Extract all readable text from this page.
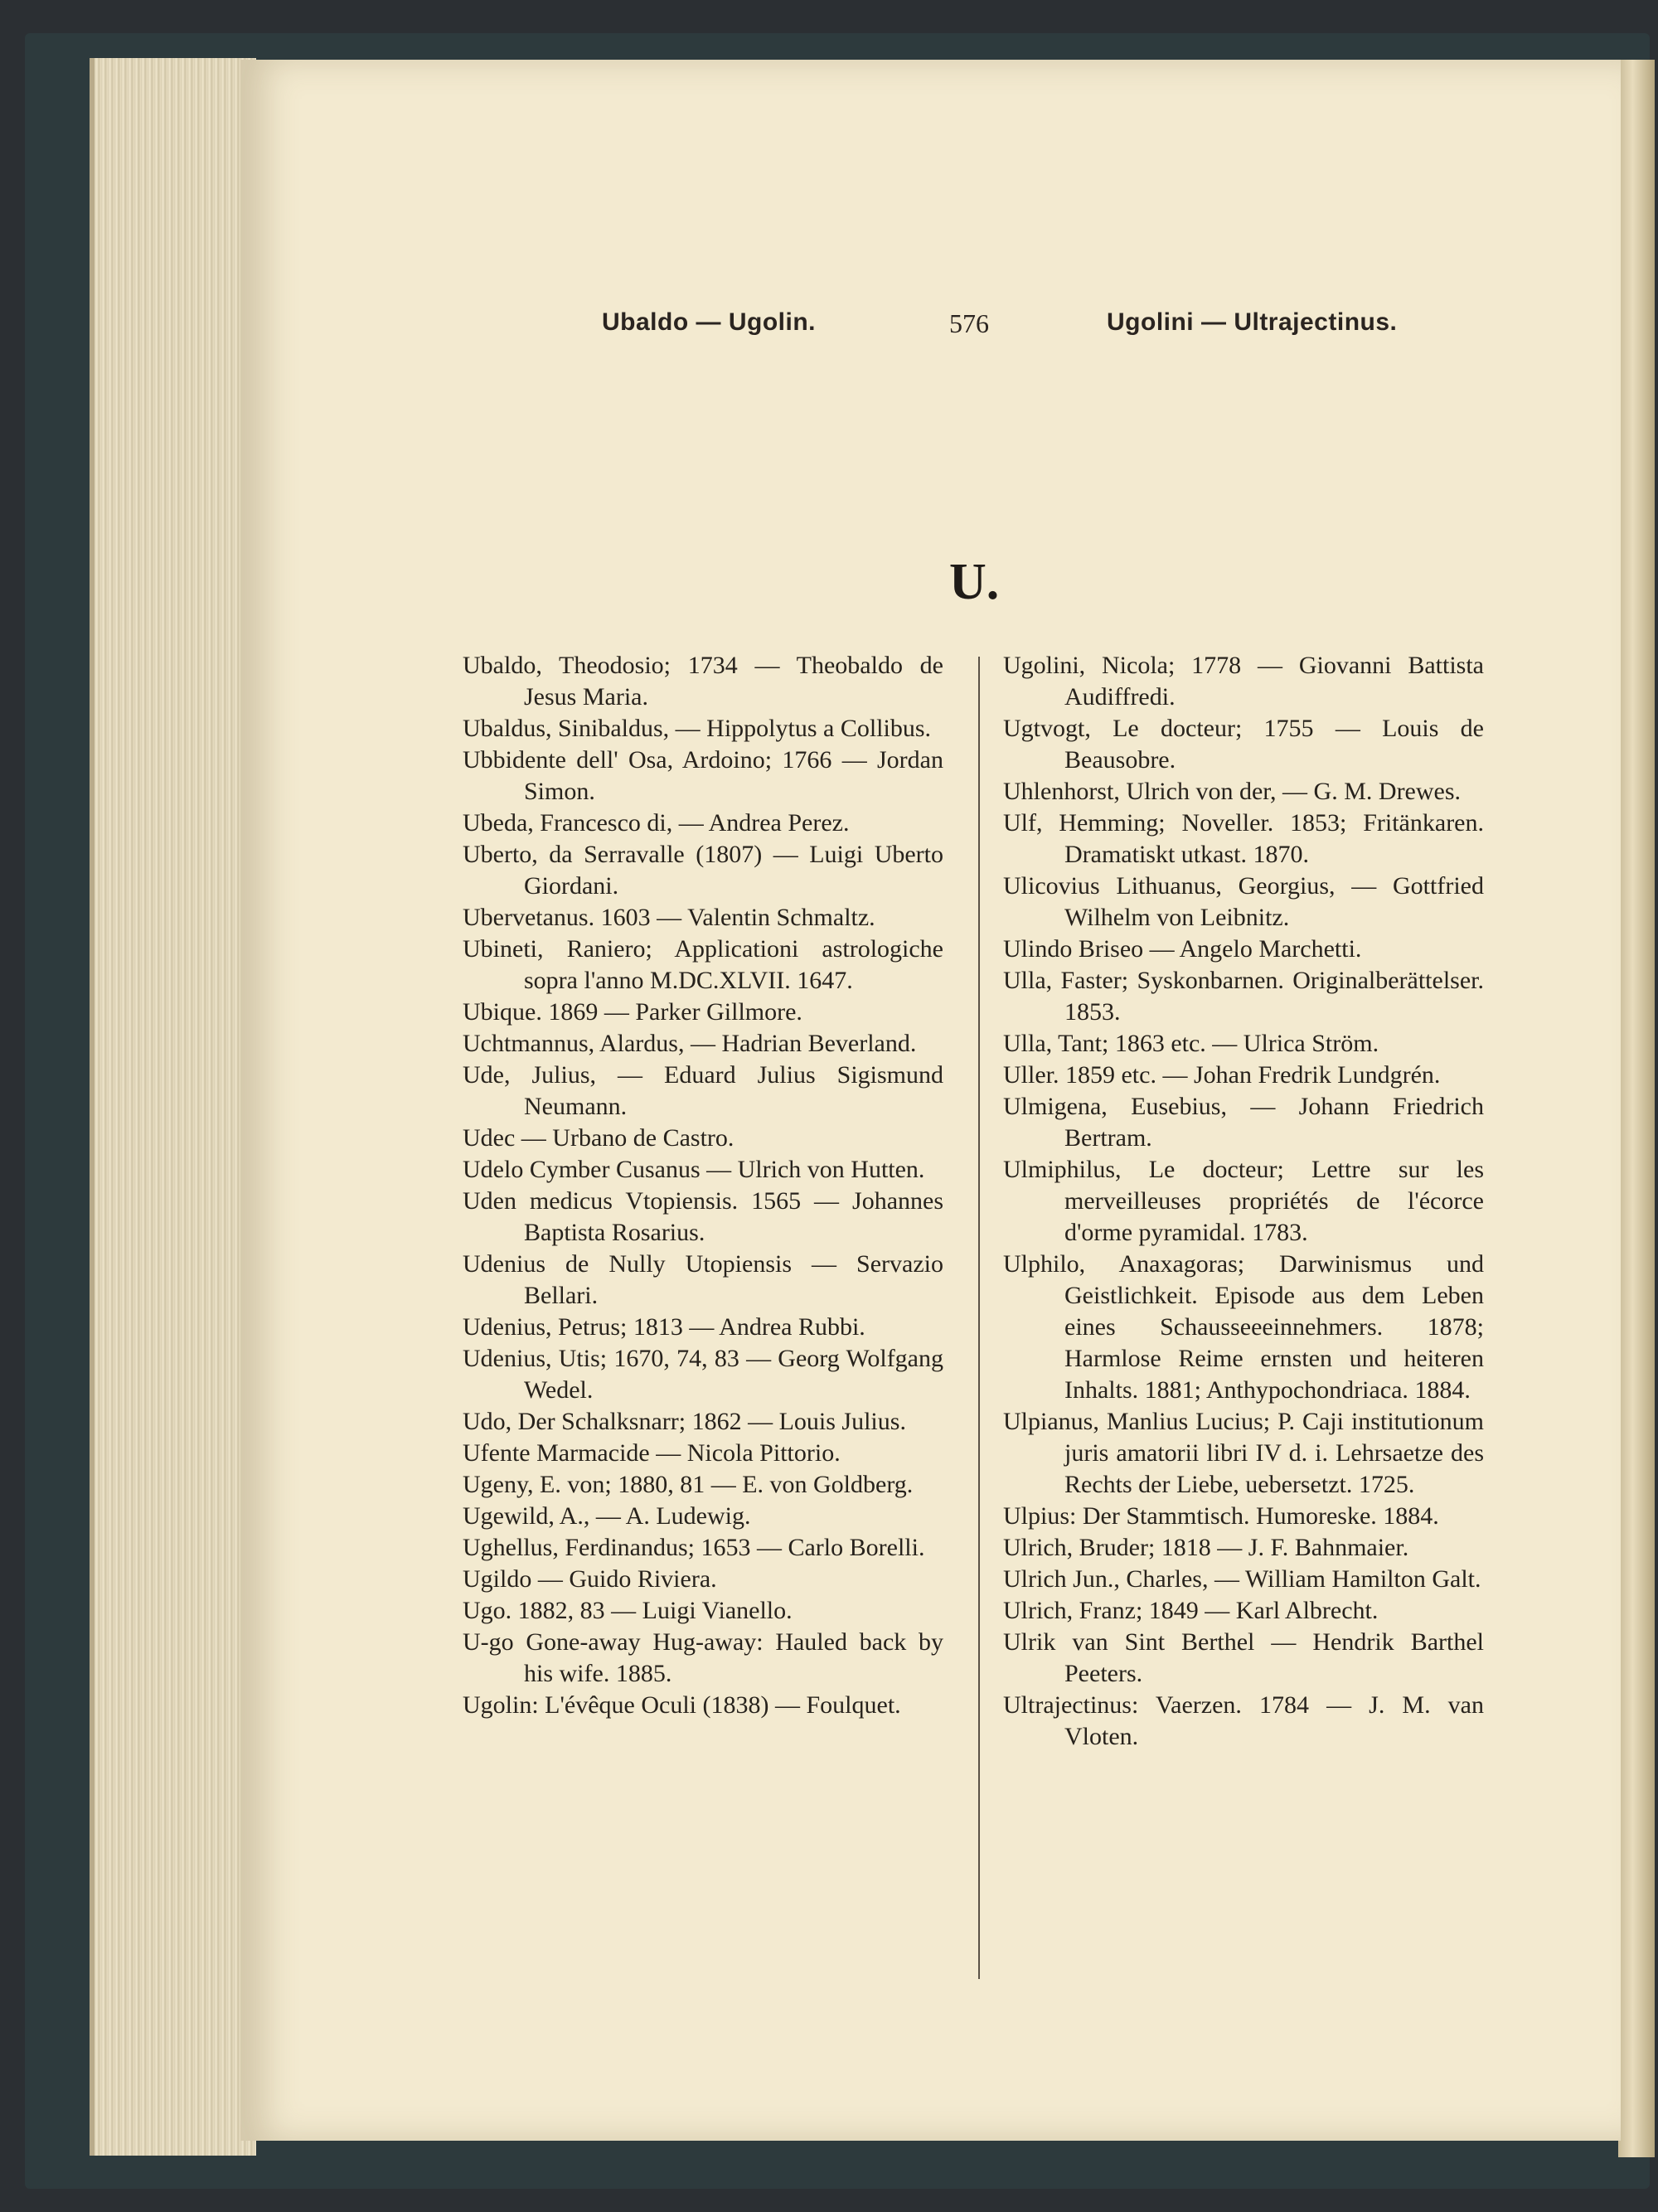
Ubaldo — Ugolin.	576	Ugolini — Ultrajectinus.
U.

Ubaldo, Theodosio; 1734 — Theobaldo de Jesus Maria.

Ubaldus, Sinibaldus, — Hippolytus a Collibus.

Ubbidente dell' Osa, Ardoino; 1766 — Jordan Simon.

Ubeda, Francesco di, — Andrea Perez.

Uberto, da Serravalle (1807) — Luigi Uberto Giordani.

Ubervetanus. 1603 — Valentin Schmaltz.

Ubineti, Raniero; Applicationi astrologiche sopra l'anno M.DC.XLVII. 1647.

Ubique. 1869 — Parker Gillmore.

Uchtmannus, Alardus, — Hadrian Beverland.

Ude, Julius, — Eduard Julius Sigismund Neumann.

Udec — Urbano de Castro.

Udelo Cymber Cusanus — Ulrich von Hutten.

Uden medicus Vtopiensis. 1565 — Johannes Baptista Rosarius.

Udenius de Nully Utopiensis — Servazio Bellari.

Udenius, Petrus; 1813 — Andrea Rubbi.

Udenius, Utis; 1670, 74, 83 — Georg Wolfgang Wedel.

Udo, Der Schalksnarr; 1862 — Louis Julius.

Ufente Marmacide — Nicola Pittorio.

Ugeny, E. von; 1880, 81 — E. von Goldberg.

Ugewild, A., — A. Ludewig.

Ughellus, Ferdinandus; 1653 — Carlo Borelli.

Ugildo — Guido Riviera.

Ugo. 1882, 83 — Luigi Vianello.

U-go Gone-away Hug-away: Hauled back by his wife. 1885.

Ugolin: L'évêque Oculi (1838) — Foulquet.

Ugolini, Nicola; 1778 — Giovanni Battista Audiffredi.

Ugtvogt, Le docteur; 1755 — Louis de Beausobre.

Uhlenhorst, Ulrich von der, — G. M. Drewes.

Ulf, Hemming; Noveller. 1853; Fritänkaren. Dramatiskt utkast. 1870.

Ulicovius Lithuanus, Georgius, — Gottfried Wilhelm von Leibnitz.

Ulindo Briseo — Angelo Marchetti.

Ulla, Faster; Syskonbarnen. Originalberättelser. 1853.

Ulla, Tant; 1863 etc. — Ulrica Ström.

Uller. 1859 etc. — Johan Fredrik Lundgrén.

Ulmigena, Eusebius, — Johann Friedrich Bertram.

Ulmiphilus, Le docteur; Lettre sur les merveilleuses propriétés de l'écorce d'orme pyramidal. 1783.

Ulphilo, Anaxagoras; Darwinismus und Geistlichkeit. Episode aus dem Leben eines Schausseeeinnehmers. 1878; Harmlose Reime ernsten und heiteren Inhalts. 1881; Anthypochondriaca. 1884.

Ulpianus, Manlius Lucius; P. Caji institutionum juris amatorii libri IV d. i. Lehrsaetze des Rechts der Liebe, uebersetzt. 1725.

Ulpius: Der Stammtisch. Humoreske. 1884.

Ulrich, Bruder; 1818 — J. F. Bahnmaier.

Ulrich Jun., Charles, — William Hamilton Galt.

Ulrich, Franz; 1849 — Karl Albrecht.

Ulrik van Sint Berthel — Hendrik Barthel Peeters.

Ultrajectinus: Vaerzen. 1784 — J. M. van Vloten.
